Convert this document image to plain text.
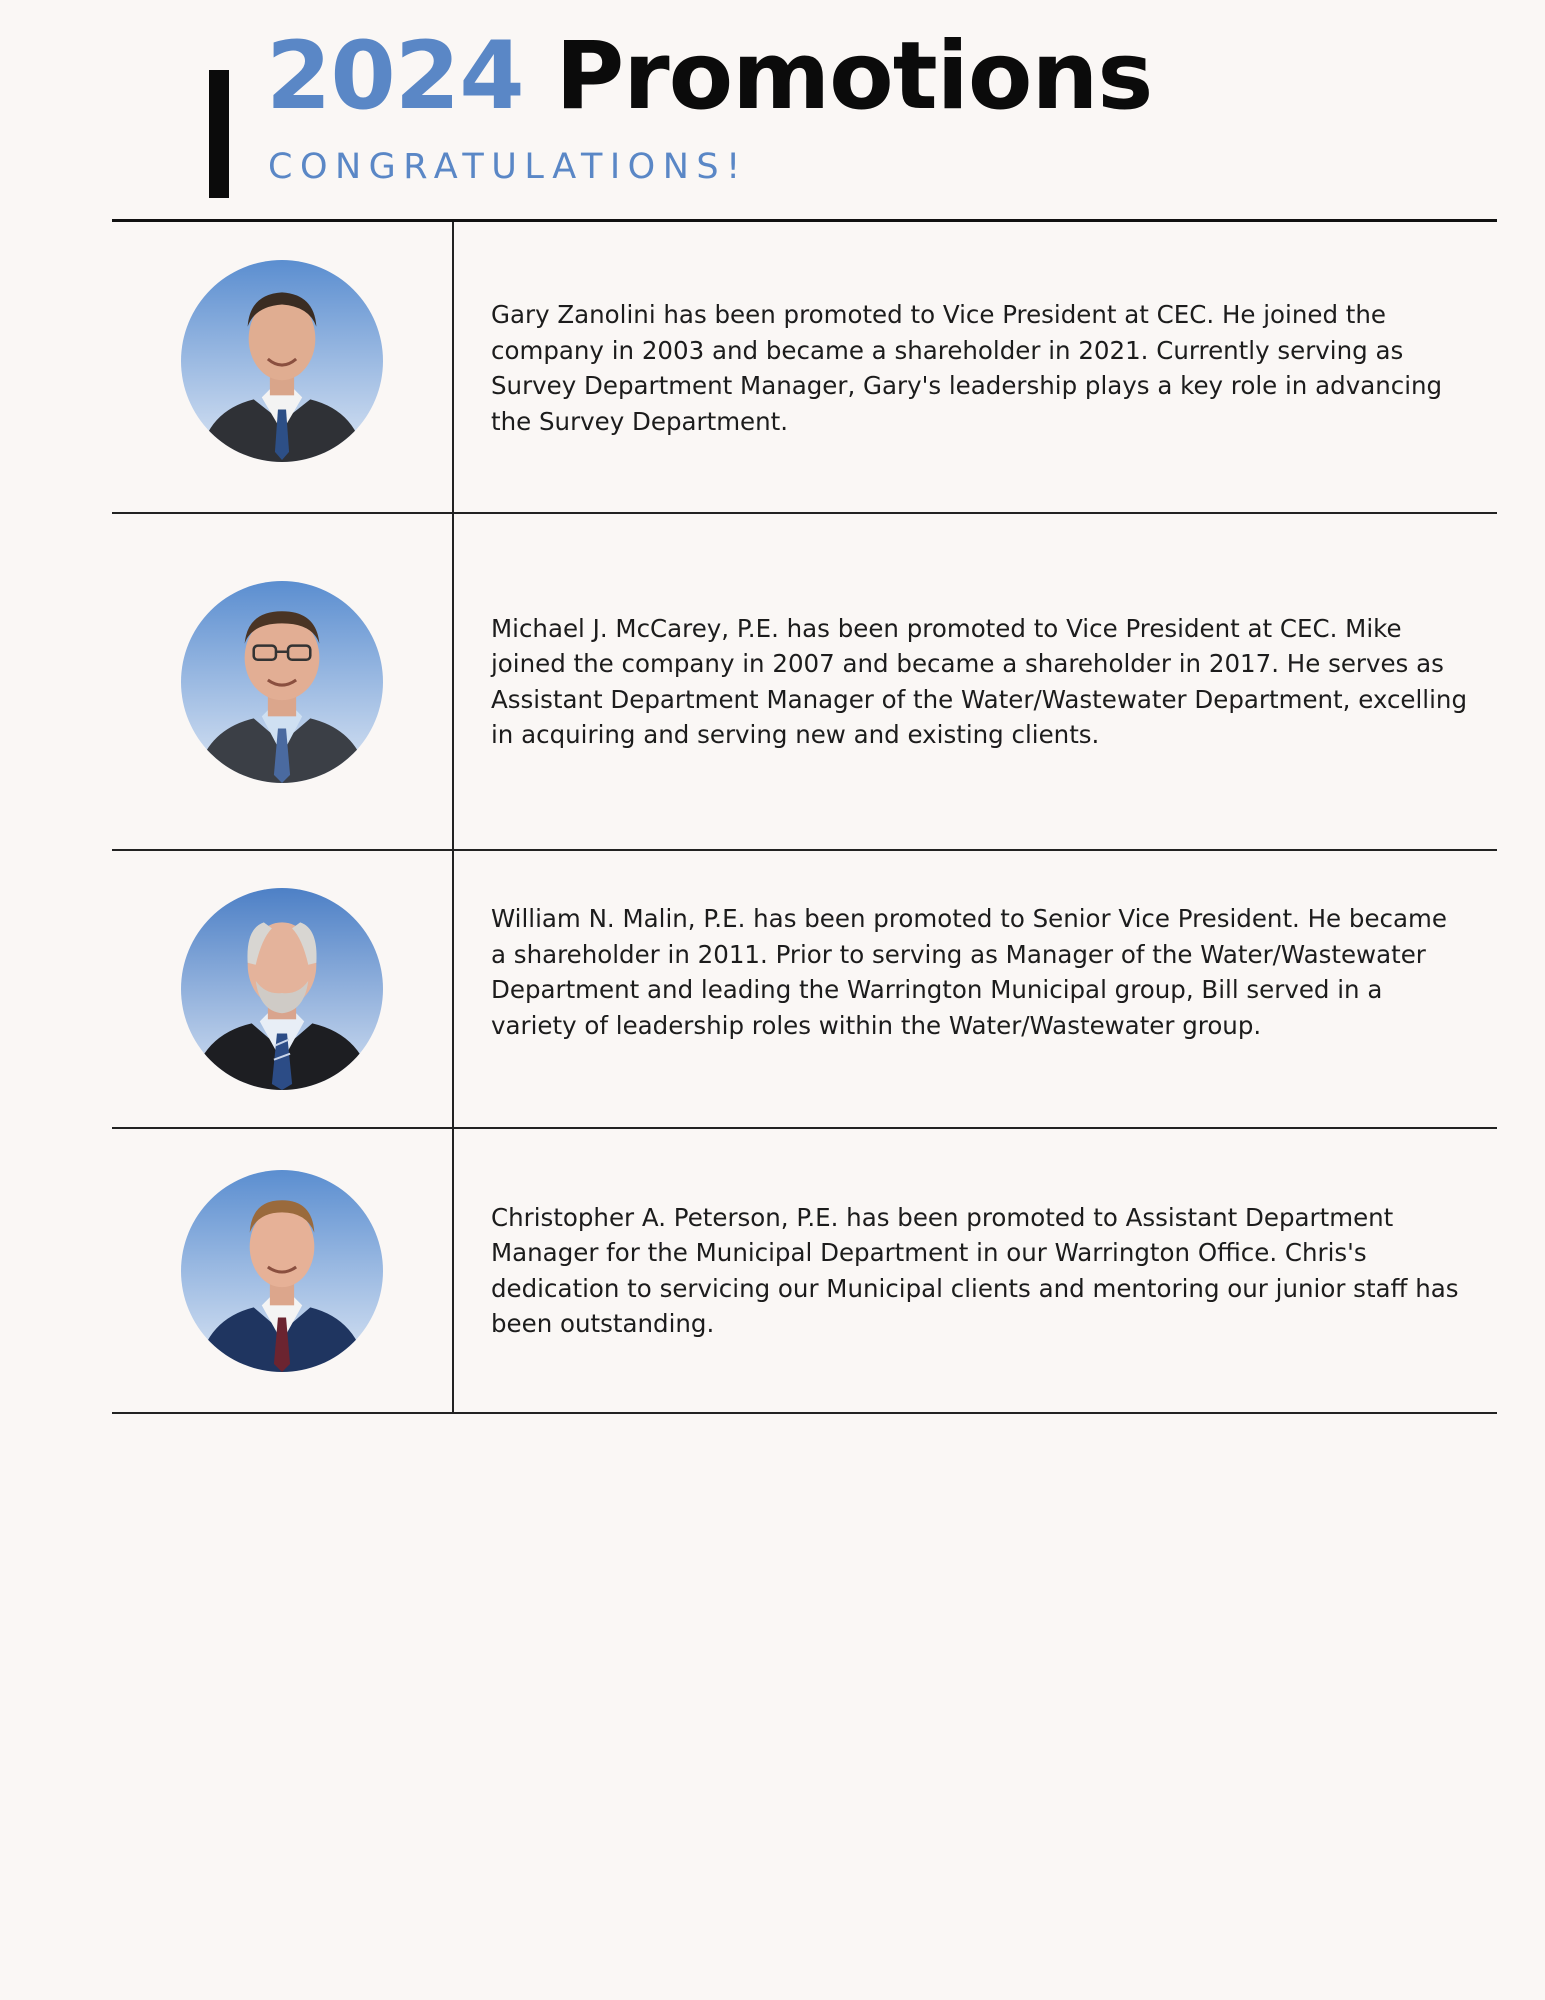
2024 Promotions

CONGRATULATIONS!

Gary Zanolini has been promoted to Vice President at CEC. He joined the company in 2003 and became a shareholder in 2021. Currently serving as Survey Department Manager, Gary's leadership plays a key role in advancing the Survey Department.

Michael J. McCarey, P.E. has been promoted to Vice President at CEC. Mike joined the company in 2007 and became a shareholder in 2017. He serves as Assistant Department Manager of the Water/Wastewater Department, excelling in acquiring and serving new and existing clients.

William N. Malin, P.E. has been promoted to Senior Vice President. He became a shareholder in 2011. Prior to serving as Manager of the Water/Wastewater Department and leading the Warrington Municipal group, Bill served in a variety of leadership roles within the Water/Wastewater group.

Christopher A. Peterson, P.E. has been promoted to Assistant Department Manager for the Municipal Department in our Warrington Office. Chris's dedication to servicing our Municipal clients and mentoring our junior staff has been outstanding.
